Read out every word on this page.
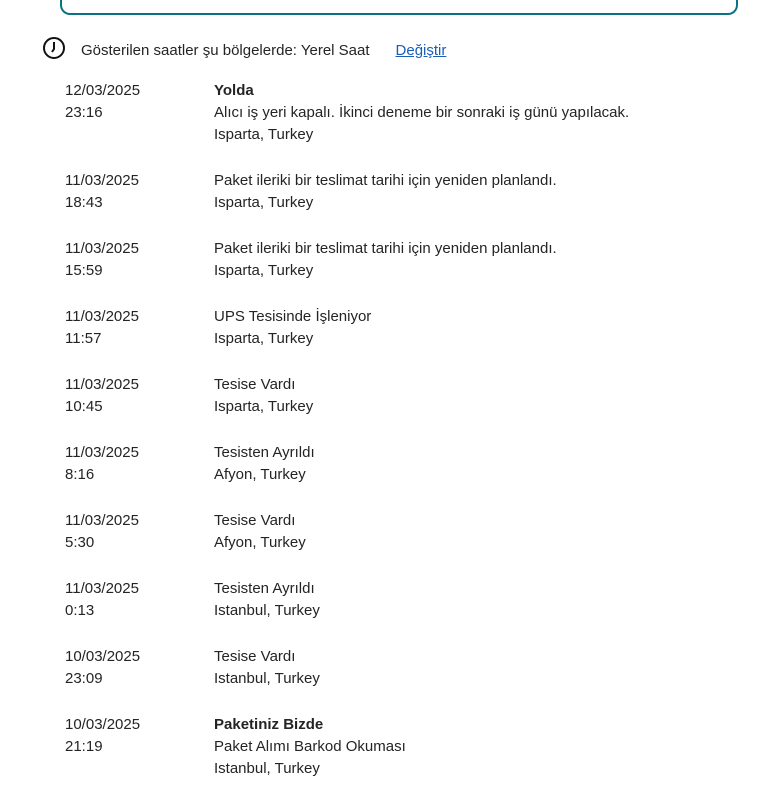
Gösterilen saatler şu bölgelerde: Yerel Saat Değiştir
12/03/2025
23:16
Yolda
Alıcı iş yeri kapalı. İkinci deneme bir sonraki iş günü yapılacak.
Isparta, Turkey
11/03/2025
18:43
Paket ileriki bir teslimat tarihi için yeniden planlandı.
Isparta, Turkey
11/03/2025
15:59
Paket ileriki bir teslimat tarihi için yeniden planlandı.
Isparta, Turkey
11/03/2025
11:57
UPS Tesisinde İşleniyor
Isparta, Turkey
11/03/2025
10:45
Tesise Vardı
Isparta, Turkey
11/03/2025
8:16
Tesisten Ayrıldı
Afyon, Turkey
11/03/2025
5:30
Tesise Vardı
Afyon, Turkey
11/03/2025
0:13
Tesisten Ayrıldı
Istanbul, Turkey
10/03/2025
23:09
Tesise Vardı
Istanbul, Turkey
10/03/2025
21:19
Paketiniz Bizde
Paket Alımı Barkod Okuması
Istanbul, Turkey
